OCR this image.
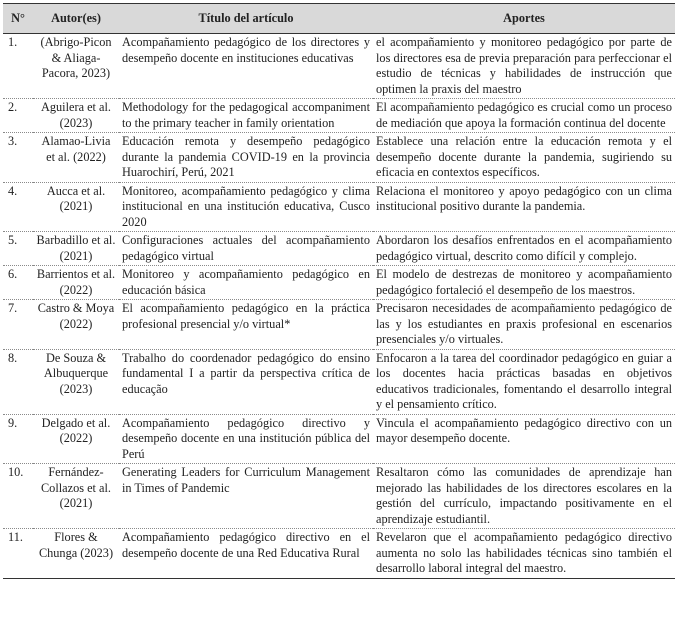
N°	Autor(es)	Título del artículo	Aportes
1.	(Abrigo-Picon & Aliaga-Pacora, 2023)	Acompañamiento pedagógico de los directores y desempeño docente en instituciones educativas	el acompañamiento y monitoreo pedagógico por parte de los directores esa de previa preparación para perfeccionar el estudio de técnicas y habilidades de instrucción que optimen la praxis del maestro
2.	Aguilera et al. (2023)	Methodology for the pedagogical accompaniment to the primary teacher in family orientation	El acompañamiento pedagógico es crucial como un proceso de mediación que apoya la formación continua del docente
3.	Alamao-Livia et al. (2022)	Educación remota y desempeño pedagógico durante la pandemia COVID-19 en la provincia Huarochirí, Perú, 2021	Establece una relación entre la educación remota y el desempeño docente durante la pandemia, sugiriendo su eficacia en contextos específicos.
4.	Aucca et al. (2021)	Monitoreo, acompañamiento pedagógico y clima institucional en una institución educativa, Cusco 2020	Relaciona el monitoreo y apoyo pedagógico con un clima institucional positivo durante la pandemia.
5.	Barbadillo et al. (2021)	Configuraciones actuales del acompañamiento pedagógico virtual	Abordaron los desafíos enfrentados en el acompañamiento pedagógico virtual, descrito como difícil y complejo.
6.	Barrientos et al. (2022)	Monitoreo y acompañamiento pedagógico en educación básica	El modelo de destrezas de monitoreo y acompañamiento pedagógico fortaleció el desempeño de los maestros.
7.	Castro & Moya (2022)	El acompañamiento pedagógico en la práctica profesional presencial y/o virtual*	Precisaron necesidades de acompañamiento pedagógico de las y los estudiantes en praxis profesional en escenarios presenciales y/o virtuales.
8.	De Souza & Albuquerque (2023)	Trabalho do coordenador pedagógico do ensino fundamental I a partir da perspectiva crítica de educação	Enfocaron a la tarea del coordinador pedagógico en guiar a los docentes hacia prácticas basadas en objetivos educativos tradicionales, fomentando el desarrollo integral y el pensamiento crítico.
9.	Delgado et al. (2022)	Acompañamiento pedagógico directivo y desempeño docente en una institución pública del Perú	Vincula el acompañamiento pedagógico directivo con un mayor desempeño docente.
10.	Fernández-Collazos et al. (2021)	Generating Leaders for Curriculum Management in Times of Pandemic	Resaltaron cómo las comunidades de aprendizaje han mejorado las habilidades de los directores escolares en la gestión del currículo, impactando positivamente en el aprendizaje estudiantil.
11.	Flores & Chunga (2023)	Acompañamiento pedagógico directivo en el desempeño docente de una Red Educativa Rural	Revelaron que el acompañamiento pedagógico directivo aumenta no solo las habilidades técnicas sino también el desarrollo laboral integral del maestro.
